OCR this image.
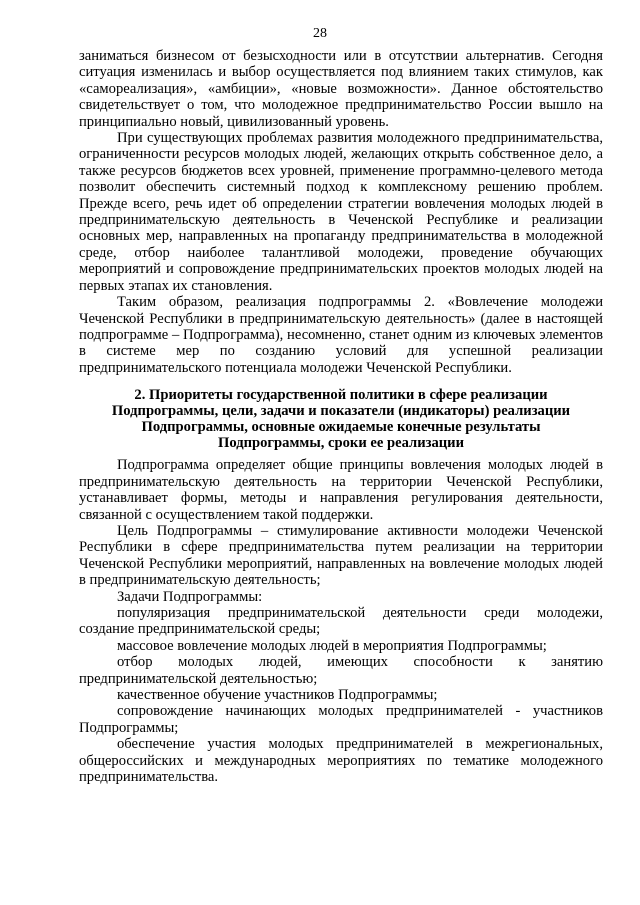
28

заниматься бизнесом от безысходности или в отсутствии альтернатив. Сегодня ситуация изменилась и выбор осуществляется под влиянием таких стимулов, как «самореализация», «амбиции», «новые возможности». Данное обстоятельство свидетельствует о том, что молодежное предпринимательство России вышло на принципиально новый, цивилизованный уровень.

При существующих проблемах развития молодежного предпринимательства, ограниченности ресурсов молодых людей, желающих открыть собственное дело, а также ресурсов бюджетов всех уровней, применение программно-целевого метода позволит обеспечить системный подход к комплексному решению проблем. Прежде всего, речь идет об определении стратегии вовлечения молодых людей в предпринимательскую деятельность в Чеченской Республике и реализации основных мер, направленных на пропаганду предпринимательства в молодежной среде, отбор наиболее талантливой молодежи, проведение обучающих мероприятий и сопровождение предпринимательских проектов молодых людей на первых этапах их становления.

Таким образом, реализация подпрограммы 2. «Вовлечение молодежи Чеченской Республики в предпринимательскую деятельность» (далее в настоящей подпрограмме – Подпрограмма), несомненно, станет одним из ключевых элементов в системе мер по созданию условий для успешной реализации предпринимательского потенциала молодежи Чеченской Республики.

2. Приоритеты государственной политики в сфере реализации
Подпрограммы, цели, задачи и показатели (индикаторы) реализации
Подпрограммы, основные ожидаемые конечные результаты
Подпрограммы, сроки ее реализации

Подпрограмма определяет общие принципы вовлечения молодых людей в предпринимательскую деятельность на территории Чеченской Республики, устанавливает формы, методы и направления регулирования деятельности, связанной с осуществлением такой поддержки.

Цель Подпрограммы – стимулирование активности молодежи Чеченской Республики в сфере предпринимательства путем реализации на территории Чеченской Республики мероприятий, направленных на вовлечение молодых людей в предпринимательскую деятельность;

Задачи Подпрограммы:

популяризация предпринимательской деятельности среди молодежи, создание предпринимательской среды;

массовое вовлечение молодых людей в мероприятия Подпрограммы;

отбор молодых людей, имеющих способности к занятию предпринимательской деятельностью;

качественное обучение участников Подпрограммы;

сопровождение начинающих молодых предпринимателей - участников Подпрограммы;

обеспечение участия молодых предпринимателей в межрегиональных, общероссийских и международных мероприятиях по тематике молодежного предпринимательства.
